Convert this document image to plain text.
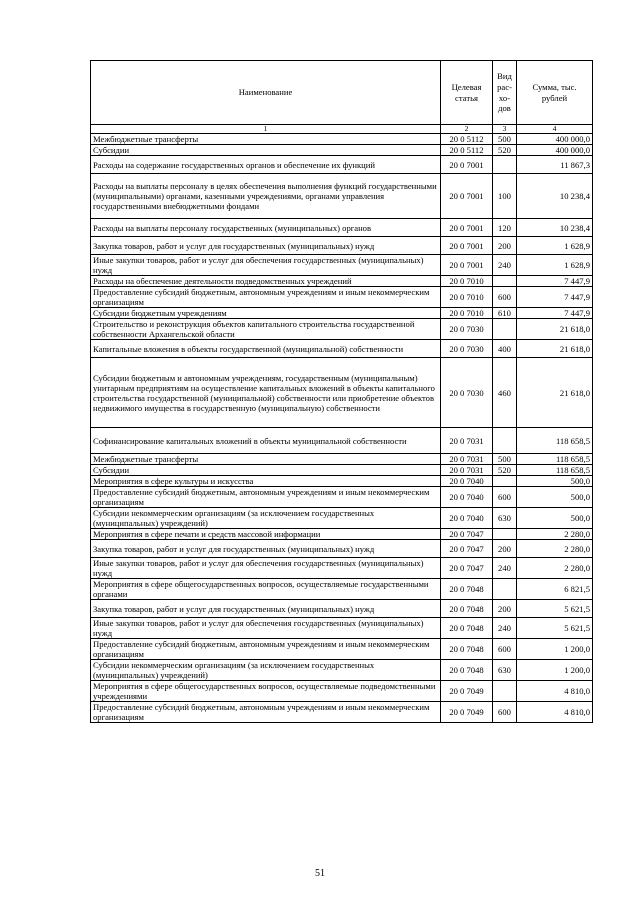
Наименование	Целевая статья	Вид рас- хо- дов	Сумма, тыс. рублей
1	2	3	4
Межбюджетные трансферты	20 0 5112	500	400 000,0
Субсидии	20 0 5112	520	400 000,0
Расходы на содержание государственных органов и обеспечение их функций	20 0 7001		11 867,3
Расходы на выплаты персоналу в целях обеспечения выполнения функций государственными (муниципальными) органами, казенными учреждениями, органами управления государственными внебюджетными фондами	20 0 7001	100	10 238,4
Расходы на выплаты персоналу государственных (муниципальных) органов	20 0 7001	120	10 238,4
Закупка товаров, работ и услуг для государственных (муниципальных) нужд	20 0 7001	200	1 628,9
Иные закупки товаров, работ и услуг для обеспечения государственных (муниципальных) нужд	20 0 7001	240	1 628,9
Расходы на обеспечение деятельности подведомственных учреждений	20 0 7010		7 447,9
Предоставление субсидий бюджетным, автономным учреждениям и иным некоммерческим организациям	20 0 7010	600	7 447,9
Субсидии бюджетным учреждениям	20 0 7010	610	7 447,9
Строительство и реконструкция объектов капитального строительства государственной собственности Архангельской области	20 0 7030		21 618,0
Капитальные вложения в объекты государственной (муниципальной) собственности	20 0 7030	400	21 618,0
Субсидии бюджетным и автономным учреждениям, государственным (муниципальным) унитарным предприятиям на осуществление капитальных вложений в объекты капитального строительства государственной (муниципальной) собственности или приобретение объектов недвижимого имущества в государственную (муниципальную) собственности	20 0 7030	460	21 618,0
Софинансирование капитальных вложений в объекты муниципальной собственности	20 0 7031		118 658,5
Межбюджетные трансферты	20 0 7031	500	118 658,5
Субсидии	20 0 7031	520	118 658,5
Мероприятия в сфере культуры и искусства	20 0 7040		500,0
Предоставление субсидий бюджетным, автономным учреждениям и иным некоммерческим организациям	20 0 7040	600	500,0
Субсидии некоммерческим организациям (за исключением государственных (муниципальных) учреждений)	20 0 7040	630	500,0
Мероприятия в сфере печати и средств массовой информации	20 0 7047		2 280,0
Закупка товаров, работ и услуг для государственных (муниципальных) нужд	20 0 7047	200	2 280,0
Иные закупки товаров, работ и услуг для обеспечения государственных (муниципальных) нужд	20 0 7047	240	2 280,0
Мероприятия в сфере общегосударственных вопросов, осуществляемые государственными органами	20 0 7048		6 821,5
Закупка товаров, работ и услуг для государственных (муниципальных) нужд	20 0 7048	200	5 621,5
Иные закупки товаров, работ и услуг для обеспечения государственных (муниципальных) нужд	20 0 7048	240	5 621,5
Предоставление субсидий бюджетным, автономным учреждениям и иным некоммерческим организациям	20 0 7048	600	1 200,0
Субсидии некоммерческим организациям (за исключением государственных (муниципальных) учреждений)	20 0 7048	630	1 200,0
Мероприятия в сфере общегосударственных вопросов, осуществляемые подведомственными учреждениями	20 0 7049		4 810,0
Предоставление субсидий бюджетным, автономным учреждениям и иным некоммерческим организациям	20 0 7049	600	4 810,0
51
